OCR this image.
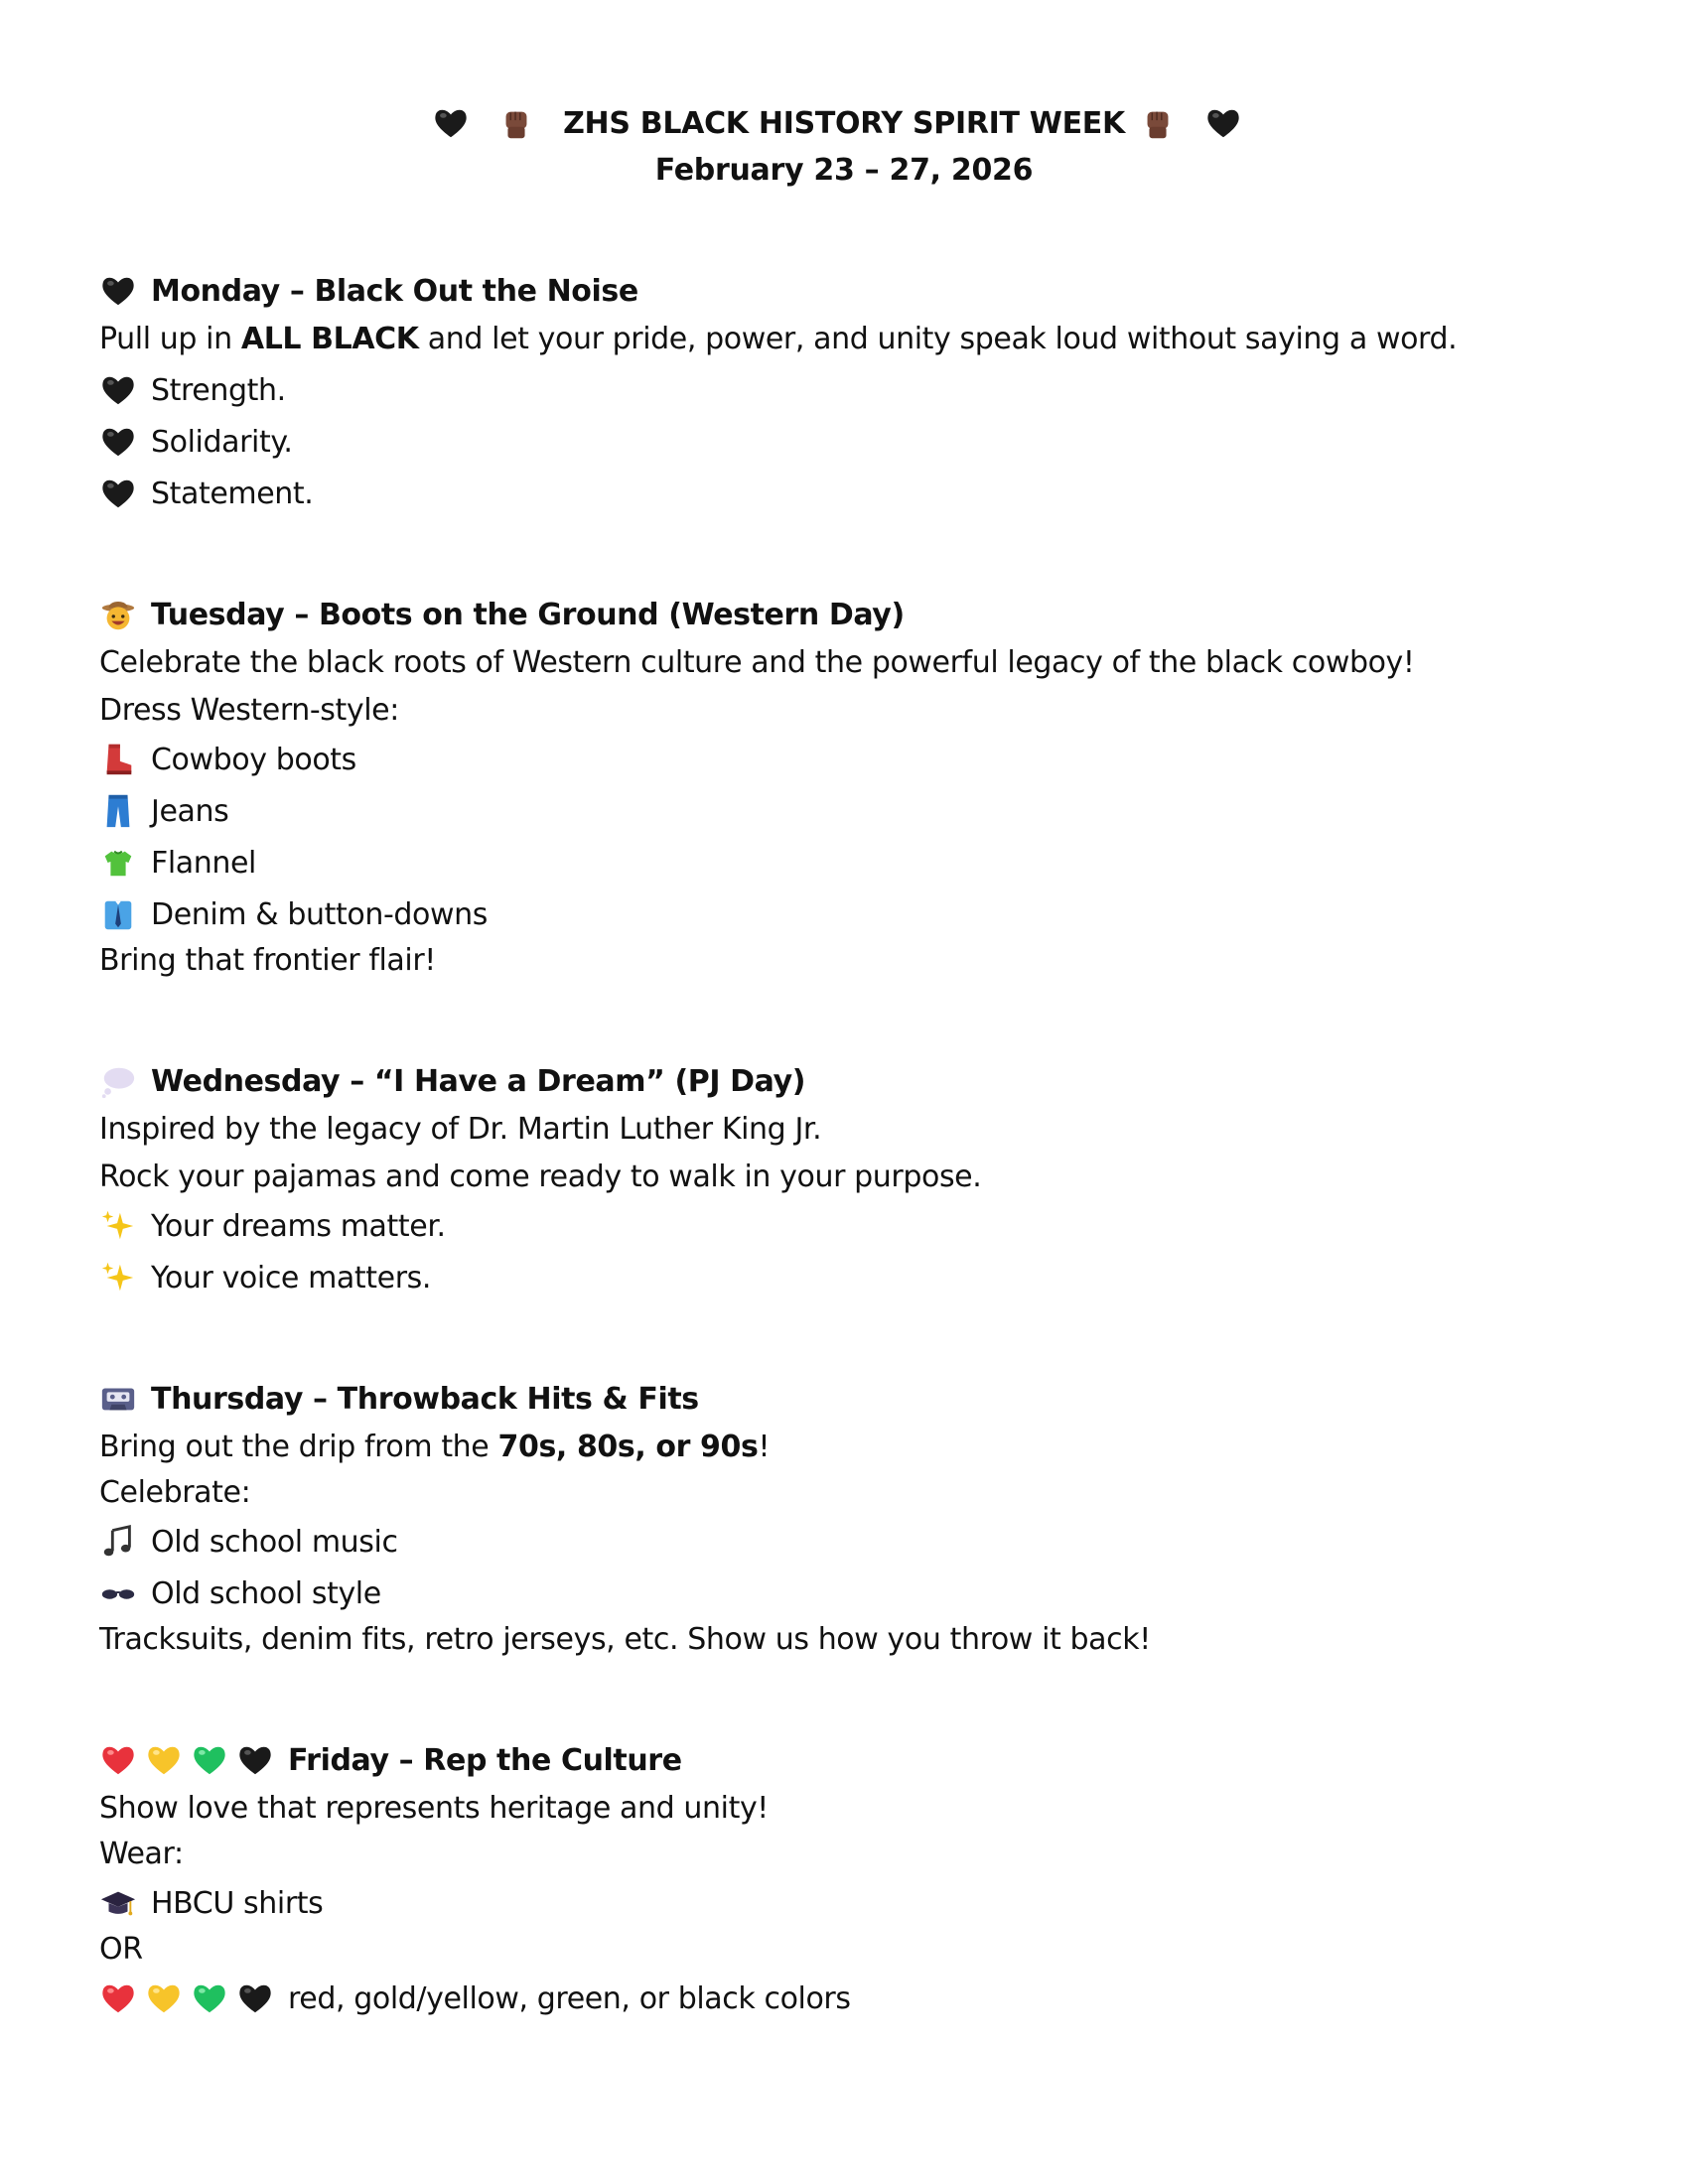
ZHS BLACK HISTORY SPIRIT WEEK
February 23 – 27, 2026
Monday – Black Out the Noise
Pull up in ALL BLACK and let your pride, power, and unity speak loud without saying a word.
Strength.
Solidarity.
Statement.
Tuesday – Boots on the Ground (Western Day)
Celebrate the black roots of Western culture and the powerful legacy of the black cowboy!
Dress Western-style:
Cowboy boots
Jeans
Flannel
Denim & button-downs
Bring that frontier flair!
Wednesday – “I Have a Dream” (PJ Day)
Inspired by the legacy of Dr. Martin Luther King Jr.
Rock your pajamas and come ready to walk in your purpose.
Your dreams matter.
Your voice matters.
Thursday – Throwback Hits & Fits
Bring out the drip from the 70s, 80s, or 90s !
Celebrate:
Old school music
Old school style
Tracksuits, denim fits, retro jerseys, etc. Show us how you throw it back!
Friday – Rep the Culture
Show love that represents heritage and unity!
Wear:
HBCU shirts
OR
red, gold/yellow, green, or black colors
